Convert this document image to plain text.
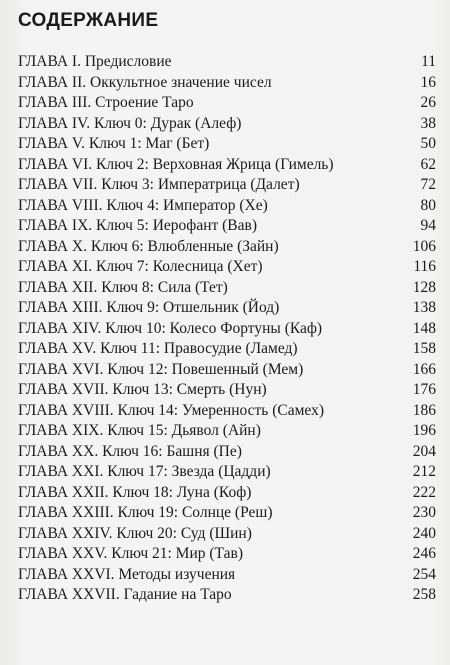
СОДЕРЖАНИЕ
ГЛАВА I. Предисловие	11
ГЛАВА II. Оккультное значение чисел	16
ГЛАВА III. Строение Таро	26
ГЛАВА IV. Ключ 0: Дурак (Алеф)	38
ГЛАВА V. Ключ 1: Маг (Бет)	50
ГЛАВА VI. Ключ 2: Верховная Жрица (Гимель)	62
ГЛАВА VII. Ключ 3: Императрица (Далет)	72
ГЛАВА VIII. Ключ 4: Император (Хе)	80
ГЛАВА IX. Ключ 5: Иерофант (Вав)	94
ГЛАВА X. Ключ 6: Влюбленные (Зайн)	106
ГЛАВА XI. Ключ 7: Колесница (Хет)	116
ГЛАВА XII. Ключ 8: Сила (Тет)	128
ГЛАВА XIII. Ключ 9: Отшельник (Йод)	138
ГЛАВА XIV. Ключ 10: Колесо Фортуны (Каф)	148
ГЛАВА XV. Ключ 11: Правосудие (Ламед)	158
ГЛАВА XVI. Ключ 12: Повешенный (Мем)	166
ГЛАВА XVII. Ключ 13: Смерть (Нун)	176
ГЛАВА XVIII. Ключ 14: Умеренность (Самех)	186
ГЛАВА XIX. Ключ 15: Дьявол (Айн)	196
ГЛАВА XX. Ключ 16: Башня (Пе)	204
ГЛАВА XXI. Ключ 17: Звезда (Цадди)	212
ГЛАВА XXII. Ключ 18: Луна (Коф)	222
ГЛАВА XXIII. Ключ 19: Солнце (Реш)	230
ГЛАВА XXIV. Ключ 20: Суд (Шин)	240
ГЛАВА XXV. Ключ 21: Мир (Тав)	246
ГЛАВА XXVI. Методы изучения	254
ГЛАВА XXVII. Гадание на Таро	258
